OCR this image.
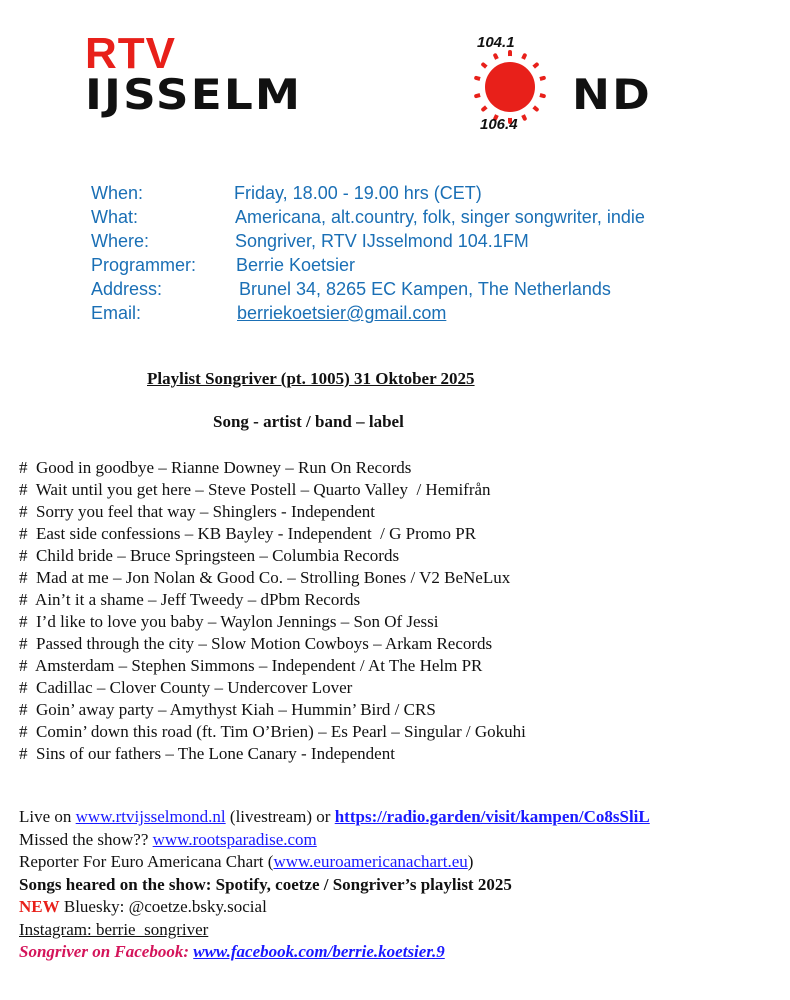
RTV
IJSSELM	ND
104.1
106.4
When:	Friday, 18.00 - 19.00 hrs (CET)
What:	Americana, alt.country, folk, singer songwriter, indie
Where:	Songriver, RTV IJsselmond 104.1FM
Programmer: Berrie Koetsier
Address:	Brunel 34, 8265 EC Kampen, The Netherlands
Email:	berriekoetsier@gmail.com
Playlist Songriver (pt. 1005) 31 Oktober 2025
Song - artist / band – label
#  Good in goodbye – Rianne Downey – Run On Records
#  Wait until you get here – Steve Postell – Quarto Valley  / Hemifrån
#  Sorry you feel that way – Shinglers - Independent
#  East side confessions – KB Bayley - Independent  / G Promo PR
#  Child bride – Bruce Springsteen – Columbia Records
#  Mad at me – Jon Nolan & Good Co. – Strolling Bones / V2 BeNeLux
#  Ain’t it a shame – Jeff Tweedy – dPbm Records
#  I’d like to love you baby – Waylon Jennings – Son Of Jessi
#  Passed through the city – Slow Motion Cowboys – Arkam Records
#  Amsterdam – Stephen Simmons – Independent / At The Helm PR
#  Cadillac – Clover County – Undercover Lover
#  Goin’ away party – Amythyst Kiah – Hummin’ Bird / CRS
#  Comin’ down this road (ft. Tim O’Brien) – Es Pearl – Singular / Gokuhi
#  Sins of our fathers – The Lone Canary - Independent
Live on www.rtvijsselmond.nl (livestream) or https://radio.garden/visit/kampen/Co8sSliL
Missed the show?? www.rootsparadise.com
Reporter For Euro Americana Chart (www.euroamericanachart.eu)
Songs heared on the show: Spotify, coetze / Songriver’s playlist 2025
NEW Bluesky: @coetze.bsky.social
Instagram: berrie_songriver
Songriver on Facebook: www.facebook.com/berrie.koetsier.9
